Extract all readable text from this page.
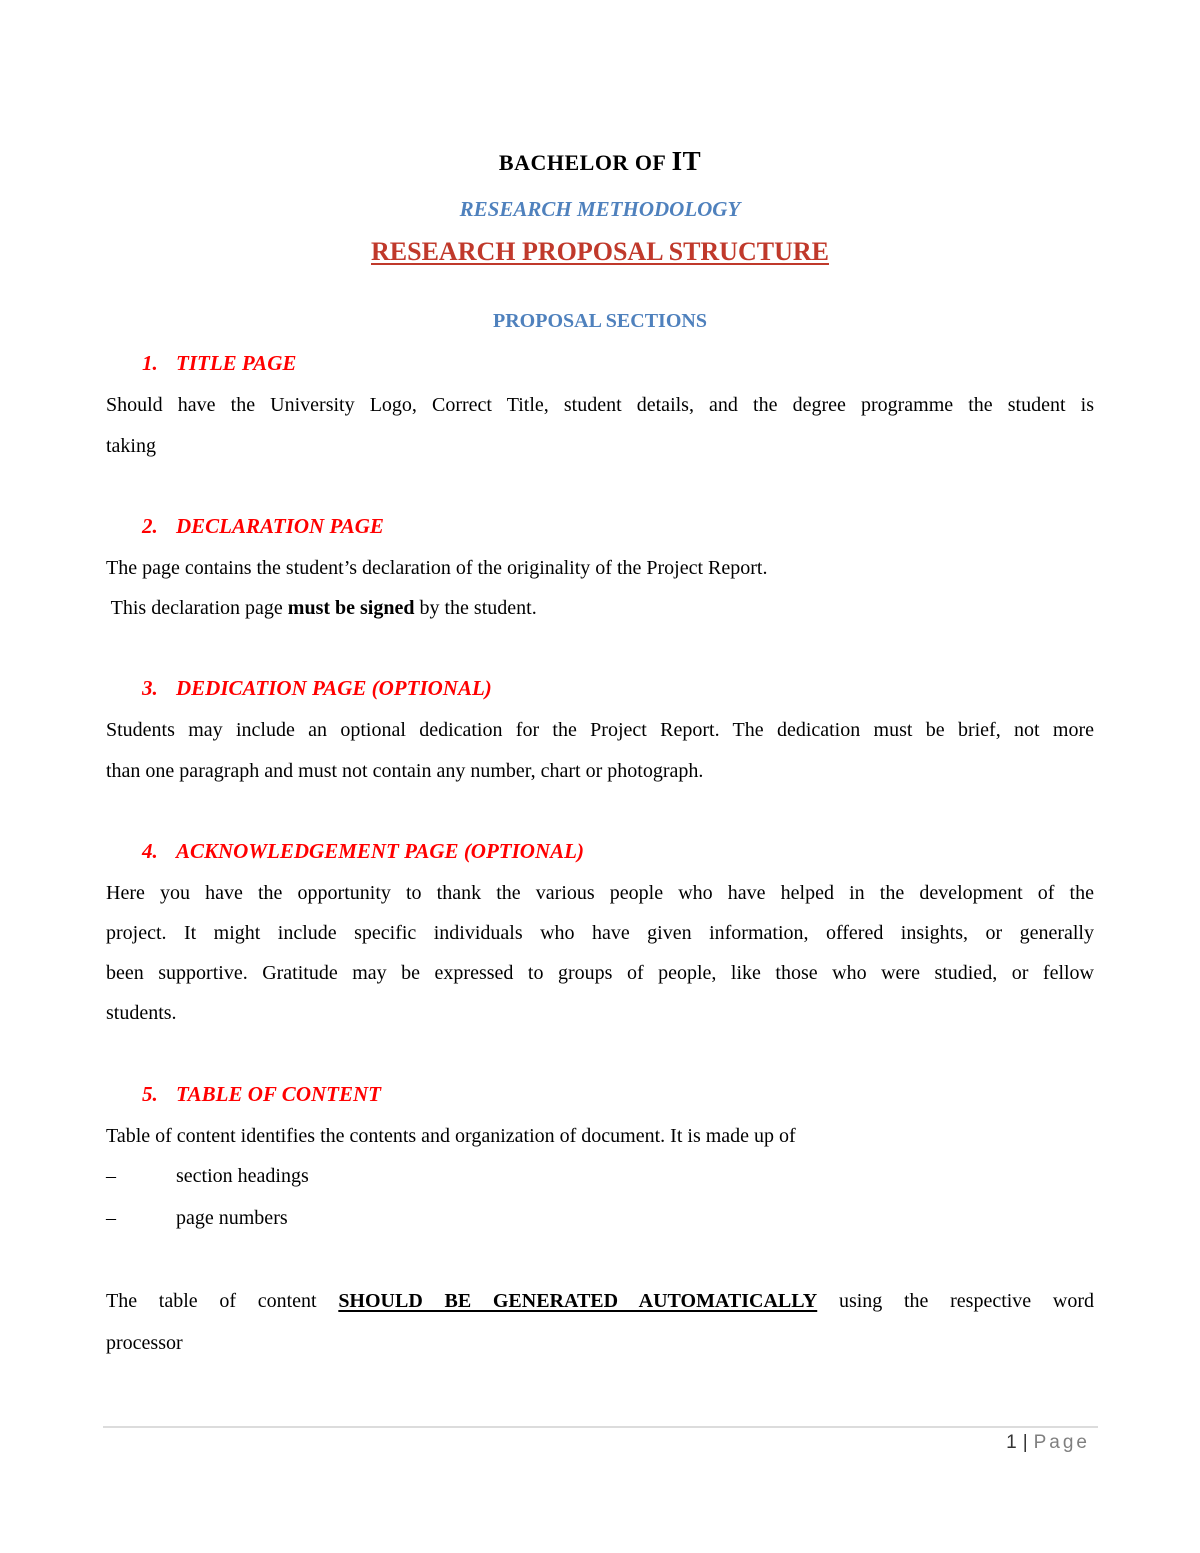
BACHELOR OF IT
RESEARCH METHODOLOGY
RESEARCH PROPOSAL STRUCTURE
PROPOSAL SECTIONS
1. TITLE PAGE
Should have the University Logo, Correct Title, student details, and the degree programme the student is
taking
2. DECLARATION PAGE
The page contains the student’s declaration of the originality of the Project Report.
This declaration page must be signed by the student.
3. DEDICATION PAGE (OPTIONAL)
Students may include an optional dedication for the Project Report. The dedication must be brief, not more
than one paragraph and must not contain any number, chart or photograph.
4. ACKNOWLEDGEMENT PAGE (OPTIONAL)
Here you have the opportunity to thank the various people who have helped in the development of the
project. It might include specific individuals who have given information, offered insights, or generally
been supportive. Gratitude may be expressed to groups of people, like those who were studied, or fellow
students.
5. TABLE OF CONTENT
Table of content identifies the contents and organization of document. It is made up of
–	section headings
–	page numbers
The table of content SHOULD BE GENERATED AUTOMATICALLY using the respective word
processor
1 | Page
